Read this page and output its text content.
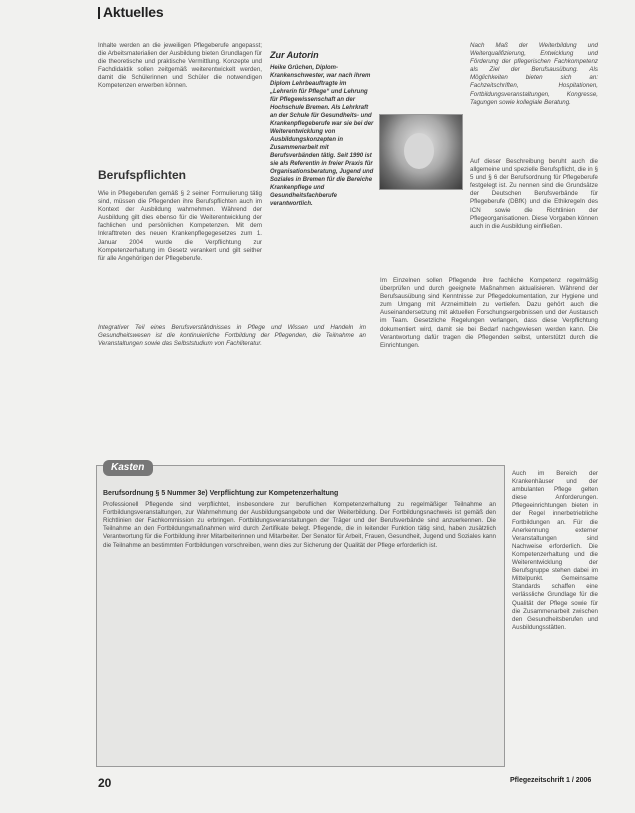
Aktuelles

Inhalte werden an die jeweiligen Pflegeberufe angepasst; die Arbeitsmaterialien der Ausbildung bieten Grundlagen für die theoretische und praktische Vermittlung. Konzepte und Fachdidaktik sollen zeitgemäß weiterentwickelt werden, damit die Schülerinnen und Schüler die notwendigen Kompetenzen erwerben können.

Berufspflichten

Wie in Pflegeberufen gemäß § 2 seiner Formulierung tätig sind, müssen die Pflegenden ihre Berufspflichten auch im Kontext der Ausbildung wahrnehmen. Während der Ausbildung gilt dies ebenso für die Weiterentwicklung der fachlichen und persönlichen Kompetenzen. Mit dem Inkrafttreten des neuen Krankenpflegegesetzes zum 1. Januar 2004 wurde die Verpflichtung zur Kompetenzerhaltung im Gesetz verankert und gilt seither für alle Angehörigen der Pflegeberufe.

Zur Autorin

Heike Grüchen, Diplom-Krankenschwester, war nach ihrem Diplom Lehrbeauftragte im „Lehrerin für Pflege“ und Lehrung für Pflegewissenschaft an der Hochschule Bremen. Als Lehrkraft an der Schule für Gesundheits- und Krankenpflegeberufe war sie bei der Weiterentwicklung von Ausbildungskonzepten in Zusammenarbeit mit Berufsverbänden tätig. Seit 1990 ist sie als Referentin in freier Praxis für Organisationsberatung, Jugend und Soziales in Bremen für die Bereiche Krankenpflege und Gesundheitsfachberufe verantwortlich.

Integrativer Teil eines Berufsverständnisses in Pflege und Wissen und Handeln im Gesundheitswesen ist die kontinuierliche Fortbildung der Pflegenden, die Teilnahme an Veranstaltungen sowie das Selbststudium von Fachliteratur.

Nach Maß der Weiterbildung und Weiterqualifizierung, Entwicklung und Förderung der pflegerischen Fachkompetenz als Ziel der Berufsausübung. Als Möglichkeiten bieten sich an: Fachzeitschriften, Hospitationen, Fortbildungsveranstaltungen, Kongresse, Tagungen sowie kollegiale Beratung.

Auf dieser Beschreibung beruht auch die allgemeine und spezielle Berufspflicht, die in § 5 und § 6 der Berufsordnung für Pflegeberufe festgelegt ist. Zu nennen sind die Grundsätze der Deutschen Berufsverbände für Pflegeberufe (DBfK) und die Ethikregeln des ICN sowie die Richtlinien der Pflegeorganisationen. Diese Vorgaben können auch in die Ausbildung einfließen.

Im Einzelnen sollen Pflegende ihre fachliche Kompetenz regelmäßig überprüfen und durch geeignete Maßnahmen aktualisieren. Während der Berufsausübung sind Kenntnisse zur Pflegedokumentation, zur Hygiene und zum Umgang mit Arzneimitteln zu vertiefen. Dazu gehört auch die Auseinandersetzung mit aktuellen Forschungsergebnissen und der Austausch im Team. Gesetzliche Regelungen verlangen, dass diese Verpflichtung dokumentiert wird, damit sie bei Bedarf nachgewiesen werden kann. Die Verantwortung dafür tragen die Pflegenden selbst, unterstützt durch die Einrichtungen.

Auch im Bereich der Krankenhäuser und der ambulanten Pflege gelten diese Anforderungen. Pflegeeinrichtungen bieten in der Regel innerbetriebliche Fortbildungen an. Für die Anerkennung externer Veranstaltungen sind Nachweise erforderlich. Die Kompetenzerhaltung und die Weiterentwicklung der Berufsgruppe stehen dabei im Mittelpunkt. Gemeinsame Standards schaffen eine verlässliche Grundlage für die Qualität der Pflege sowie für die Zusammenarbeit zwischen den Gesundheitsberufen und Ausbildungsstätten.

Kasten

Berufsordnung § 5 Nummer 3e) Verpflichtung zur Kompetenzerhaltung

Professionell Pflegende sind verpflichtet, insbesondere zur beruflichen Kompetenzerhaltung zu regelmäßiger Teilnahme an Fortbildungsveranstaltungen, zur Wahrnehmung der Ausbildungsangebote und der Weiterbildung. Der Fortbildungsnachweis ist gemäß den Richtlinien der Fachkommission zu erbringen. Fortbildungsveranstaltungen der Träger und der Berufsverbände sind anzuerkennen. Die Teilnahme an den Fortbildungsmaßnahmen wird durch Zertifikate belegt. Pflegende, die in leitender Funktion tätig sind, haben zusätzlich Verantwortung für die Fortbildung ihrer Mitarbeiterinnen und Mitarbeiter. Der Senator für Arbeit, Frauen, Gesundheit, Jugend und Soziales kann die Teilnahme an bestimmten Fortbildungen vorschreiben, wenn dies zur Sicherung der Qualität der Pflege erforderlich ist.

20	Pflegezeitschrift 1 / 2006
